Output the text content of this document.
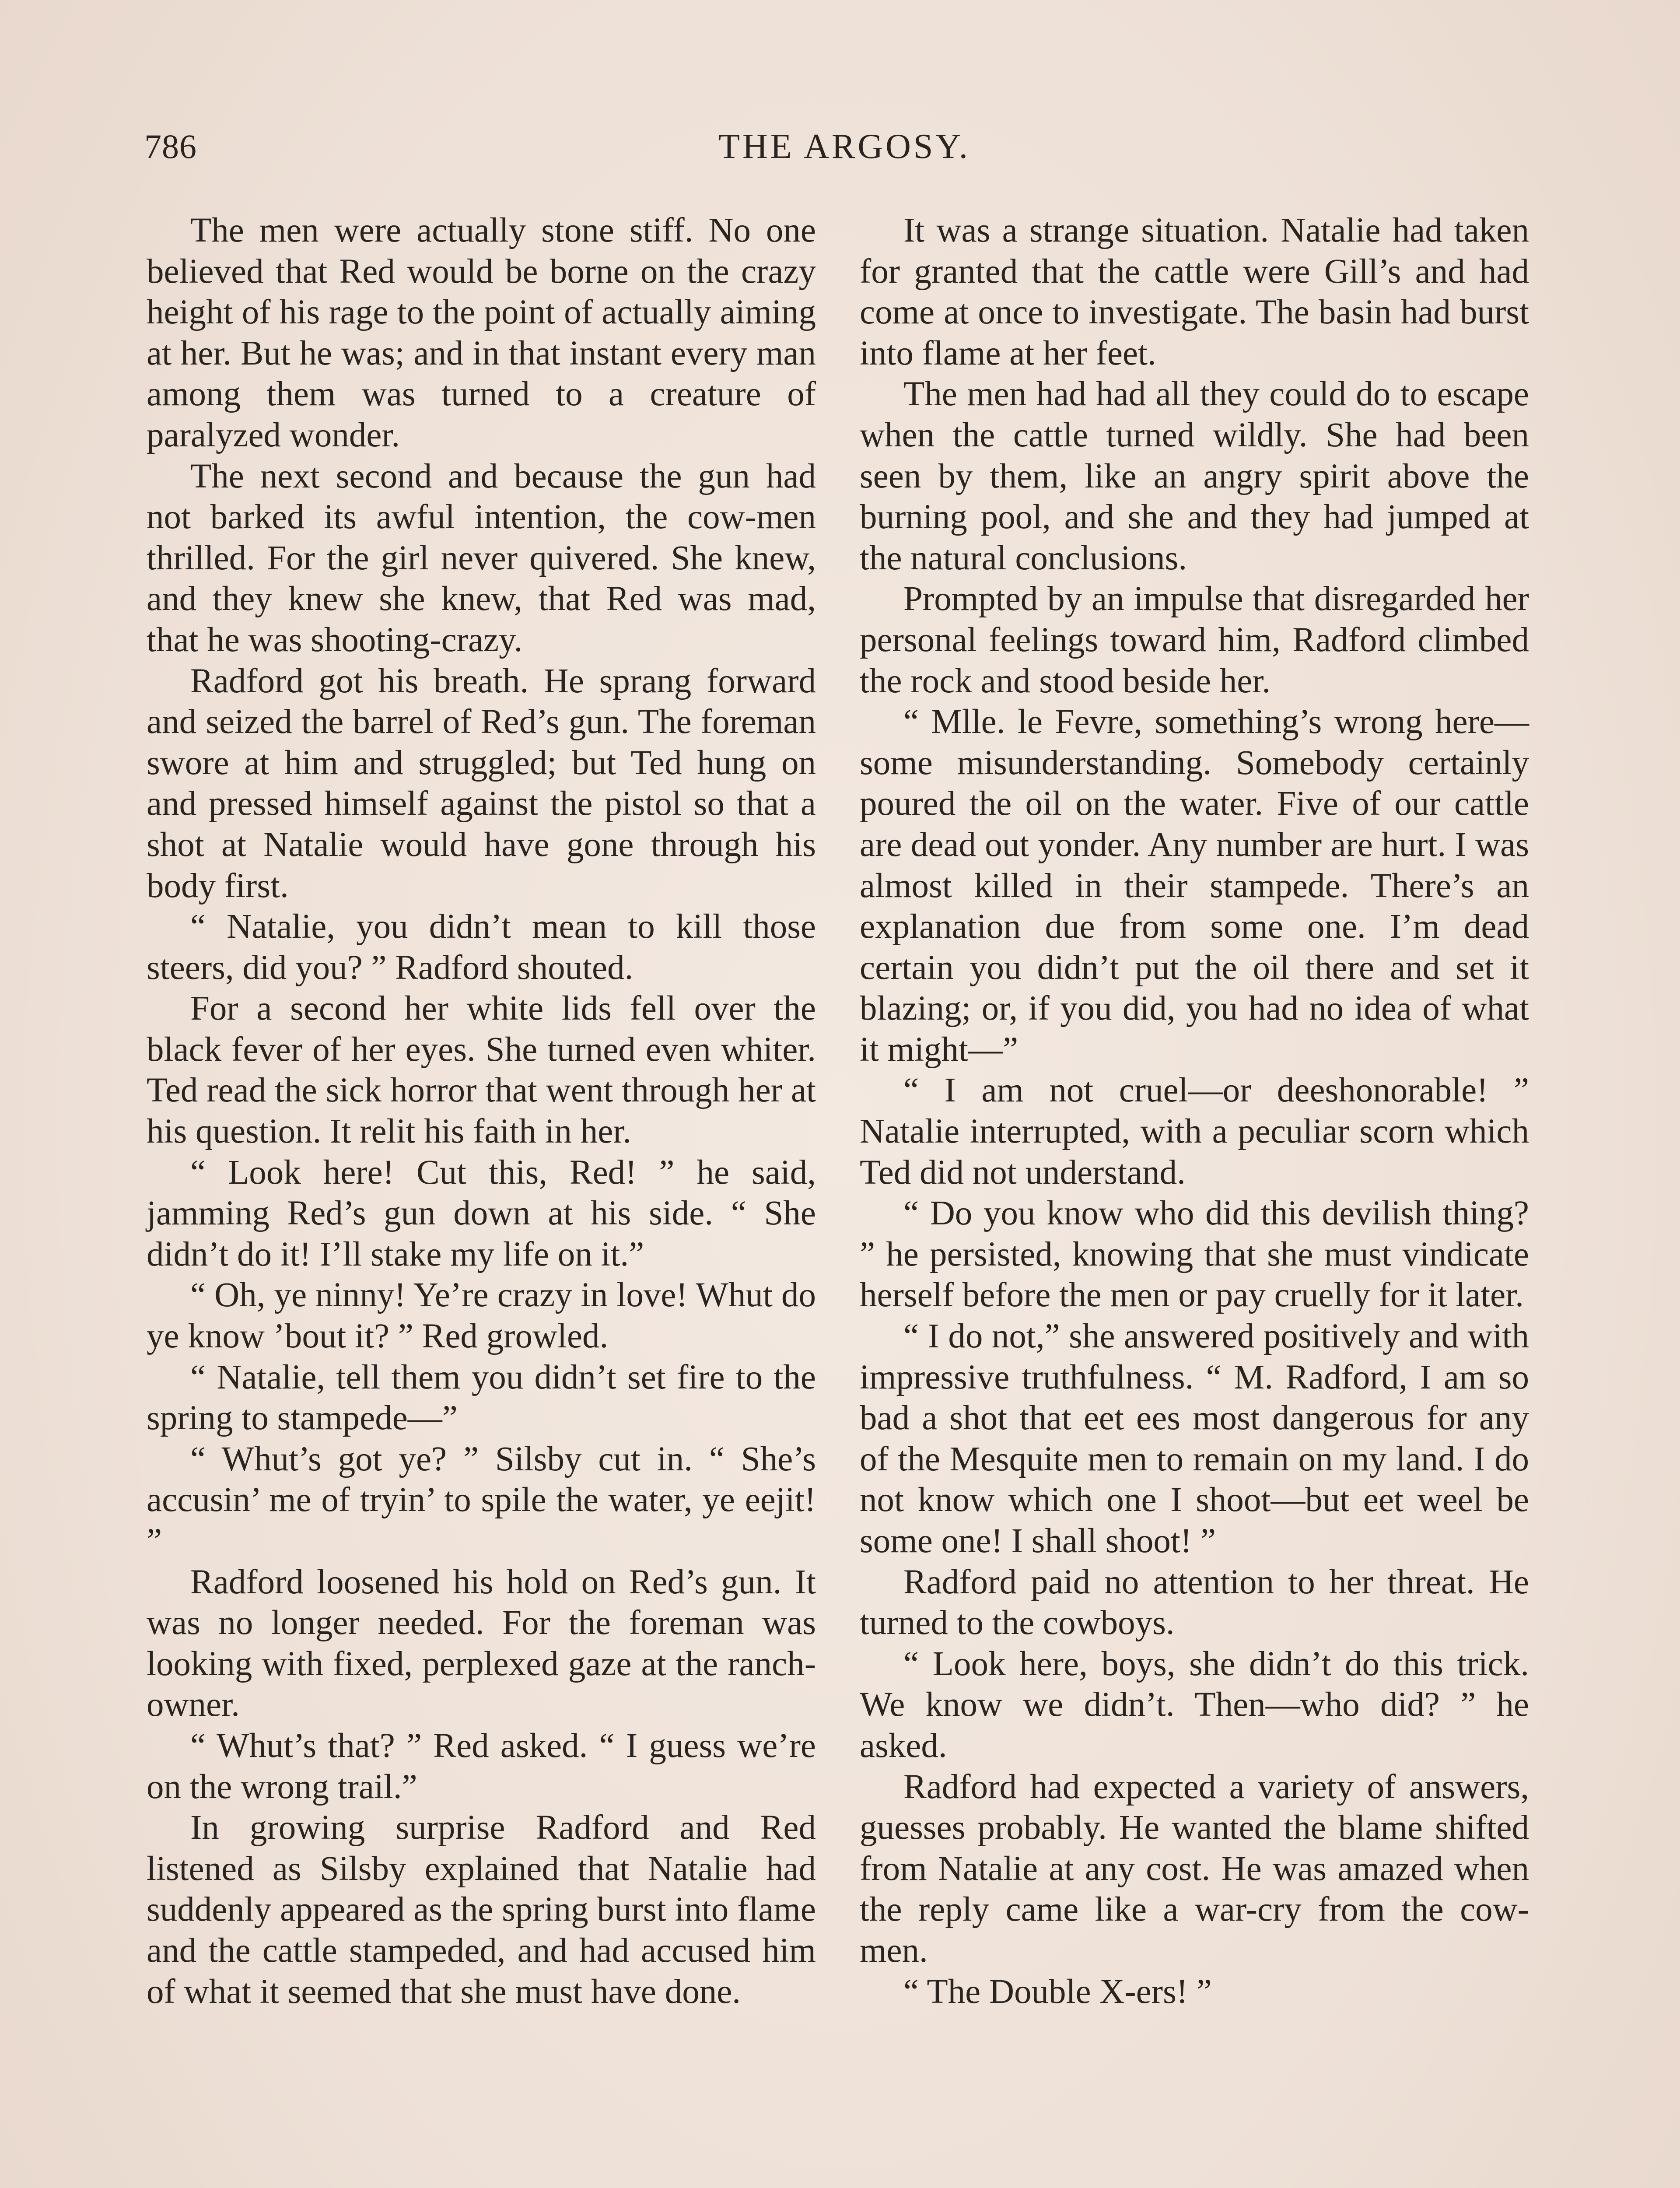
786	THE ARGOSY.

The men were actually stone stiff. No one believed that Red would be borne on the crazy height of his rage to the point of actually aiming at her. But he was; and in that instant every man among them was turned to a creature of paralyzed wonder.

The next second and because the gun had not barked its awful intention, the cow-men thrilled. For the girl never quivered. She knew, and they knew she knew, that Red was mad, that he was shooting-crazy.

Radford got his breath. He sprang forward and seized the barrel of Red’s gun. The foreman swore at him and struggled; but Ted hung on and pressed himself against the pistol so that a shot at Natalie would have gone through his body first.

“ Natalie, you didn’t mean to kill those steers, did you? ” Radford shouted.

For a second her white lids fell over the black fever of her eyes. She turned even whiter. Ted read the sick horror that went through her at his question. It relit his faith in her.

“ Look here! Cut this, Red! ” he said, jamming Red’s gun down at his side. “ She didn’t do it! I’ll stake my life on it.”

“ Oh, ye ninny! Ye’re crazy in love! Whut do ye know ’bout it? ” Red growled.

“ Natalie, tell them you didn’t set fire to the spring to stampede—”

“ Whut’s got ye? ” Silsby cut in. “ She’s accusin’ me of tryin’ to spile the water, ye eejit! ”

Radford loosened his hold on Red’s gun. It was no longer needed. For the foreman was looking with fixed, perplexed gaze at the ranch-owner.

“ Whut’s that? ” Red asked. “ I guess we’re on the wrong trail.”

In growing surprise Radford and Red listened as Silsby explained that Natalie had suddenly appeared as the spring burst into flame and the cattle stampeded, and had accused him of what it seemed that she must have done.

It was a strange situation. Natalie had taken for granted that the cattle were Gill’s and had come at once to investigate. The basin had burst into flame at her feet.

The men had had all they could do to escape when the cattle turned wildly. She had been seen by them, like an angry spirit above the burning pool, and she and they had jumped at the natural conclusions.

Prompted by an impulse that disregarded her personal feelings toward him, Radford climbed the rock and stood beside her.

“ Mlle. le Fevre, something’s wrong here—some misunderstanding. Somebody certainly poured the oil on the water. Five of our cattle are dead out yonder. Any number are hurt. I was almost killed in their stampede. There’s an explanation due from some one. I’m dead certain you didn’t put the oil there and set it blazing; or, if you did, you had no idea of what it might—”

“ I am not cruel—or deeshonorable! ” Natalie interrupted, with a peculiar scorn which Ted did not understand.

“ Do you know who did this devilish thing? ” he persisted, knowing that she must vindicate herself before the men or pay cruelly for it later.

“ I do not,” she answered positively and with impressive truthfulness. “ M. Radford, I am so bad a shot that eet ees most dangerous for any of the Mesquite men to remain on my land. I do not know which one I shoot—but eet weel be some one! I shall shoot! ”

Radford paid no attention to her threat. He turned to the cowboys.

“ Look here, boys, she didn’t do this trick. We know we didn’t. Then—who did? ” he asked.

Radford had expected a variety of answers, guesses probably. He wanted the blame shifted from Natalie at any cost. He was amazed when the reply came like a war-cry from the cow-men.

“ The Double X-ers! ”
